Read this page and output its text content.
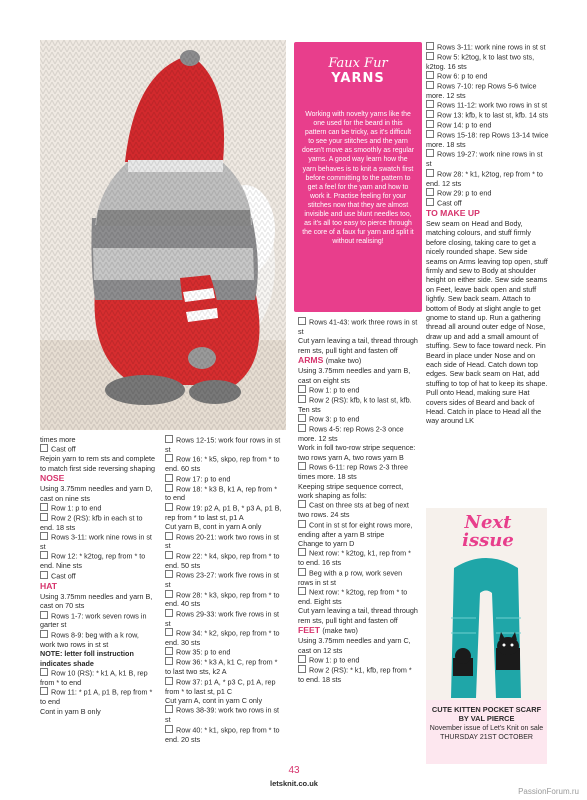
Faux Fur
YARNS

Working with novelty yarns like the one used for the beard in this pattern can be tricky, as it's difficult to see your stitches and the yarn doesn't move as smoothly as regular yarns. A good way learn how the yarn behaves is to knit a swatch first before committing to the pattern to get a feel for the yarn and how to work it. Practise feeling for your stitches now that they are almost invisible and use blunt needles too, as it's all too easy to pierce through the core of a faux fur yarn and split it without realising!

times more

Cast off

Rejoin yarn to rem sts and complete to match first side reversing shaping

NOSE

Using 3.75mm needles and yarn D, cast on nine sts

Row 1: p to end

Row 2 (RS): kfb in each st to end. 18 sts

Rows 3-11: work nine rows in st st

Row 12: * k2tog, rep from * to end. Nine sts

Cast off

HAT

Using 3.75mm needles and yarn B, cast on 70 sts

Rows 1-7: work seven rows in garter st

Rows 8-9: beg with a k row, work two rows in st st

NOTE: letter foll instruction indicates shade

Row 10 (RS): * k1 A, k1 B, rep from * to end

Row 11: * p1 A, p1 B, rep from * to end

Cont in yarn B only

Rows 12-15: work four rows in st st

Row 16: * k5, skpo, rep from * to end. 60 sts

Row 17: p to end

Row 18: * k3 B, k1 A, rep from * to end

Row 19: p2 A, p1 B, * p3 A, p1 B, rep from * to last st, p1 A

Cut yarn B, cont in yarn A only

Rows 20-21: work two rows in st st

Row 22: * k4, skpo, rep from * to end. 50 sts

Rows 23-27: work five rows in st st

Row 28: * k3, skpo, rep from * to end. 40 sts

Rows 29-33: work five rows in st st

Row 34: * k2, skpo, rep from * to end. 30 sts

Row 35: p to end

Row 36: * k3 A, k1 C, rep from * to last two sts, k2 A

Row 37: p1 A, * p3 C, p1 A, rep from * to last st, p1 C

Cut yarn A, cont in yarn C only

Rows 38-39: work two rows in st st

Row 40: * k1, skpo, rep from * to end. 20 sts

Rows 41-43: work three rows in st st

Cut yarn leaving a tail, thread through rem sts, pull tight and fasten off

ARMS (make two)

Using 3.75mm needles and yarn B, cast on eight sts

Row 1: p to end

Row 2 (RS): kfb, k to last st, kfb. Ten sts

Row 3: p to end

Rows 4-5: rep Rows 2-3 once more. 12 sts

Work in foll two-row stripe sequence: two rows yarn A, two rows yarn B

Rows 6-11: rep Rows 2-3 three times more. 18 sts

Keeping stripe sequence correct, work shaping as folls:

Cast on three sts at beg of next two rows. 24 sts

Cont in st st for eight rows more, ending after a yarn B stripe

Change to yarn D

Next row: * k2tog, k1, rep from * to end. 16 sts

Beg with a p row, work seven rows in st st

Next row: * k2tog, rep from * to end. Eight sts

Cut yarn leaving a tail, thread through rem sts, pull tight and fasten off

FEET (make two)

Using 3.75mm needles and yarn C, cast on 12 sts

Row 1: p to end

Row 2 (RS): * k1, kfb, rep from * to end. 18 sts

Rows 3-11: work nine rows in st st

Row 5: k2tog, k to last two sts, k2tog. 16 sts

Row 6: p to end

Rows 7-10: rep Rows 5-6 twice more. 12 sts

Rows 11-12: work two rows in st st

Row 13: kfb, k to last st, kfb. 14 sts

Row 14: p to end

Rows 15-18: rep Rows 13-14 twice more. 18 sts

Rows 19-27: work nine rows in st st

Row 28: * k1, k2tog, rep from * to end. 12 sts

Row 29: p to end

Cast off

TO MAKE UP

Sew seam on Head and Body, matching colours, and stuff firmly before closing, taking care to get a nicely rounded shape. Sew side seams on Arms leaving top open, stuff firmly and sew to Body at shoulder height on either side. Sew side seams on Feet, leave back open and stuff lightly. Sew back seam. Attach to bottom of Body at slight angle to get gnome to stand up. Run a gathering thread all around outer edge of Nose, draw up and add a small amount of stuffing. Sew to face toward neck. Pin Beard in place under Nose and on each side of Head. Catch down top edges. Sew back seam on Hat, add stuffing to top of hat to keep its shape. Pull onto Head, making sure Hat covers sides of Beard and back of Head. Catch in place to Head all the way around LK

Next
issue
CUTE KITTEN POCKET SCARF BY VAL PIERCE
November issue of Let's Knit on sale THURSDAY 21ST OCTOBER
43
letsknit.co.uk
PassionForum.ru
